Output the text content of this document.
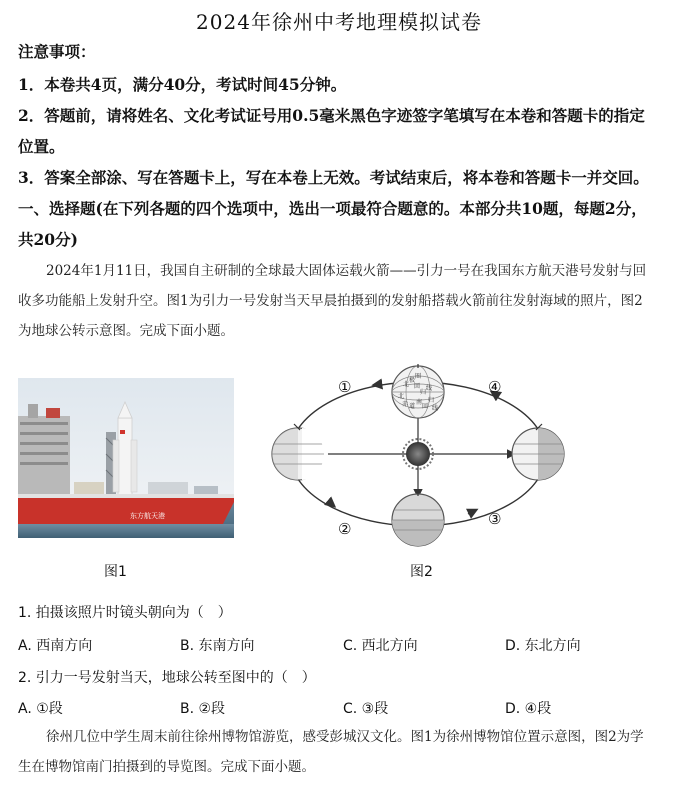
2024年徐州中考地理模拟试卷
注意事项：
1．本卷共4页，满分40分，考试时间45分钟。
2．答题前，请将姓名、文化考试证号用0.5毫米黑色字迹签字笔填写在本卷和答题卡的指定
位置。
3．答案全部涂、写在答题卡上，写在本卷上无效。考试结束后，将本卷和答题卡一并交回。
一、选择题(在下列各题的四个选项中，选出一项最符合题意的。本部分共10题，每题2分，
共20分)
2024年1月11日，我国自主研制的全球最大固体运载火箭——引力一号在我国东方航天港号发射与回
收多功能船上发射升空。图1为引力一号发射当天早晨拍摄到的发射船搭载火箭前往发射海域的照片，图2
为地球公转示意图。完成下面小题。
东方航天港
北
极
圈
北
回
归
线
赤 道
南
回
归
线
①
②
③
④
图1	图2
1. 拍摄该照片时镜头朝向为（　）
A. 西南方向	B. 东南方向	C. 西北方向	D. 东北方向
2. 引力一号发射当天，地球公转至图中的（　）
A. ①段	B. ②段	C. ③段	D. ④段
徐州几位中学生周末前往徐州博物馆游览，感受彭城汉文化。图1为徐州博物馆位置示意图，图2为学
生在博物馆南门拍摄到的导览图。完成下面小题。
